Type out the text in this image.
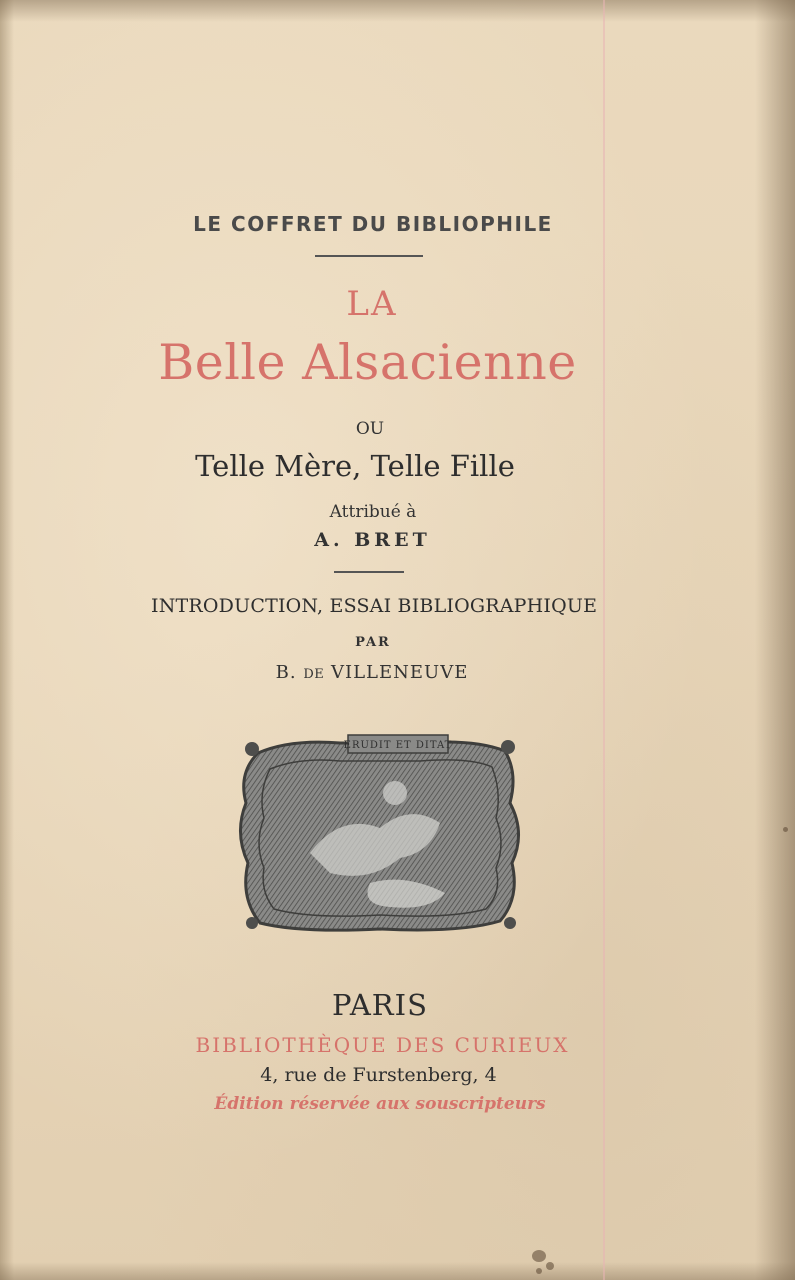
LE COFFRET DU BIBLIOPHILE
LA
Belle Alsacienne
ou
Telle Mère, Telle Fille
Attribué à
A. BRET
INTRODUCTION, ESSAI BIBLIOGRAPHIQUE
PAR
B. DE VILLENEUVE
ERUDIT ET DITAT
PARIS
BIBLIOTHÈQUE DES CURIEUX
4, rue de Furstenberg, 4
Édition réservée aux souscripteurs
